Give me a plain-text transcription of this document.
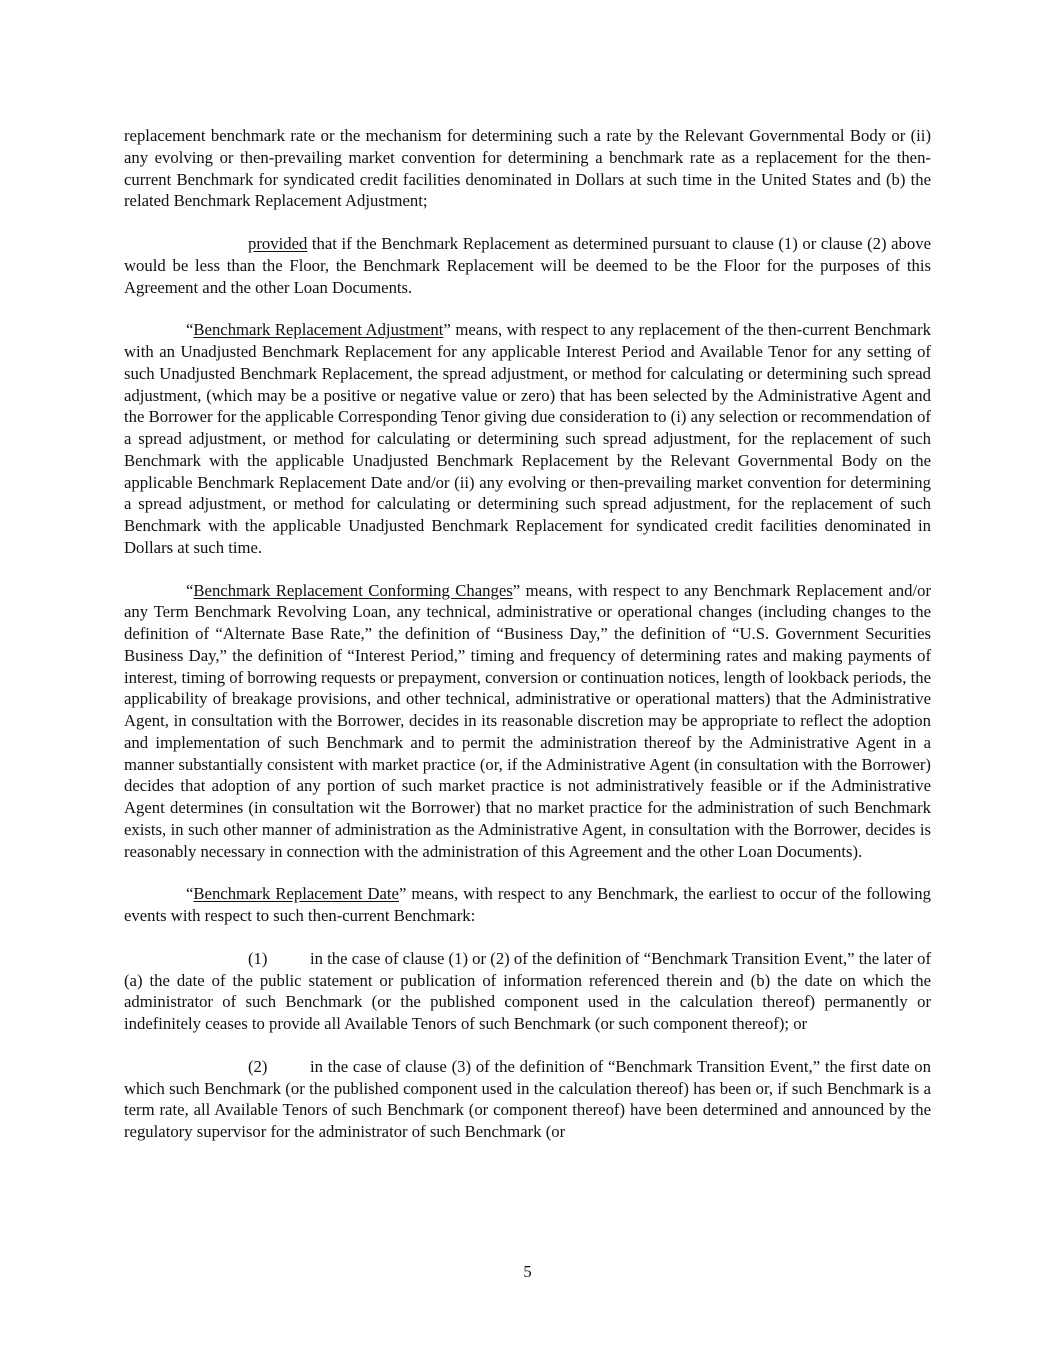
replacement benchmark rate or the mechanism for determining such a rate by the Relevant Governmental Body or (ii) any evolving or then-prevailing market convention for determining a benchmark rate as a replacement for the then-current Benchmark for syndicated credit facilities denominated in Dollars at such time in the United States and (b) the related Benchmark Replacement Adjustment;

provided that if the Benchmark Replacement as determined pursuant to clause (1) or clause (2) above would be less than the Floor, the Benchmark Replacement will be deemed to be the Floor for the purposes of this Agreement and the other Loan Documents.

“Benchmark Replacement Adjustment” means, with respect to any replacement of the then-current Benchmark with an Unadjusted Benchmark Replacement for any applicable Interest Period and Available Tenor for any setting of such Unadjusted Benchmark Replacement, the spread adjustment, or method for calculating or determining such spread adjustment, (which may be a positive or negative value or zero) that has been selected by the Administrative Agent and the Borrower for the applicable Corresponding Tenor giving due consideration to (i) any selection or recommendation of a spread adjustment, or method for calculating or determining such spread adjustment, for the replacement of such Benchmark with the applicable Unadjusted Benchmark Replacement by the Relevant Governmental Body on the applicable Benchmark Replacement Date and/or (ii) any evolving or then-prevailing market convention for determining a spread adjustment, or method for calculating or determining such spread adjustment, for the replacement of such Benchmark with the applicable Unadjusted Benchmark Replacement for syndicated credit facilities denominated in Dollars at such time.

“Benchmark Replacement Conforming Changes” means, with respect to any Benchmark Replacement and/or any Term Benchmark Revolving Loan, any technical, administrative or operational changes (including changes to the definition of “Alternate Base Rate,” the definition of “Business Day,” the definition of “U.S. Government Securities Business Day,” the definition of “Interest Period,” timing and frequency of determining rates and making payments of interest, timing of borrowing requests or prepayment, conversion or continuation notices, length of lookback periods, the applicability of breakage provisions, and other technical, administrative or operational matters) that the Administrative Agent, in consultation with the Borrower, decides in its reasonable discretion may be appropriate to reflect the adoption and implementation of such Benchmark and to permit the administration thereof by the Administrative Agent in a manner substantially consistent with market practice (or, if the Administrative Agent (in consultation with the Borrower) decides that adoption of any portion of such market practice is not administratively feasible or if the Administrative Agent determines (in consultation wit the Borrower) that no market practice for the administration of such Benchmark exists, in such other manner of administration as the Administrative Agent, in consultation with the Borrower, decides is reasonably necessary in connection with the administration of this Agreement and the other Loan Documents).

“Benchmark Replacement Date” means, with respect to any Benchmark, the earliest to occur of the following events with respect to such then-current Benchmark:

(1)	in the case of clause (1) or (2) of the definition of “Benchmark Transition Event,” the later of (a) the date of the public statement or publication of information referenced therein and (b) the date on which the administrator of such Benchmark (or the published component used in the calculation thereof) permanently or indefinitely ceases to provide all Available Tenors of such Benchmark (or such component thereof); or

(2)	in the case of clause (3) of the definition of “Benchmark Transition Event,” the first date on which such Benchmark (or the published component used in the calculation thereof) has been or, if such Benchmark is a term rate, all Available Tenors of such Benchmark (or component thereof) have been determined and announced by the regulatory supervisor for the administrator of such Benchmark (or

5
